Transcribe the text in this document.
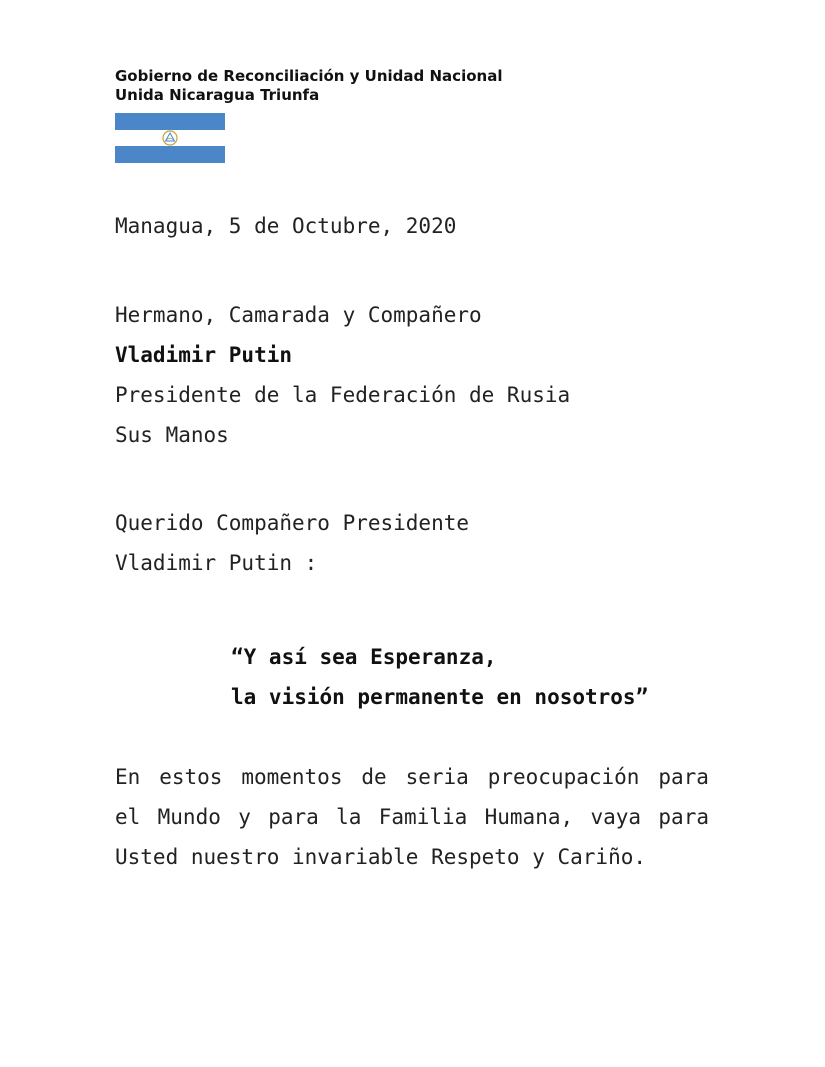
Gobierno de Reconciliación y Unidad Nacional
Unida Nicaragua Triunfa
Managua, 5 de Octubre, 2020
Hermano, Camarada y Compañero
Vladimir Putin
Presidente de la Federación de Rusia
Sus Manos
Querido Compañero Presidente
Vladimir Putin :
“Y así sea Esperanza,
la visión permanente en nosotros”
En estos momentos de seria preocupación para
el Mundo y para la Familia Humana, vaya para
Usted nuestro invariable Respeto y Cariño.
